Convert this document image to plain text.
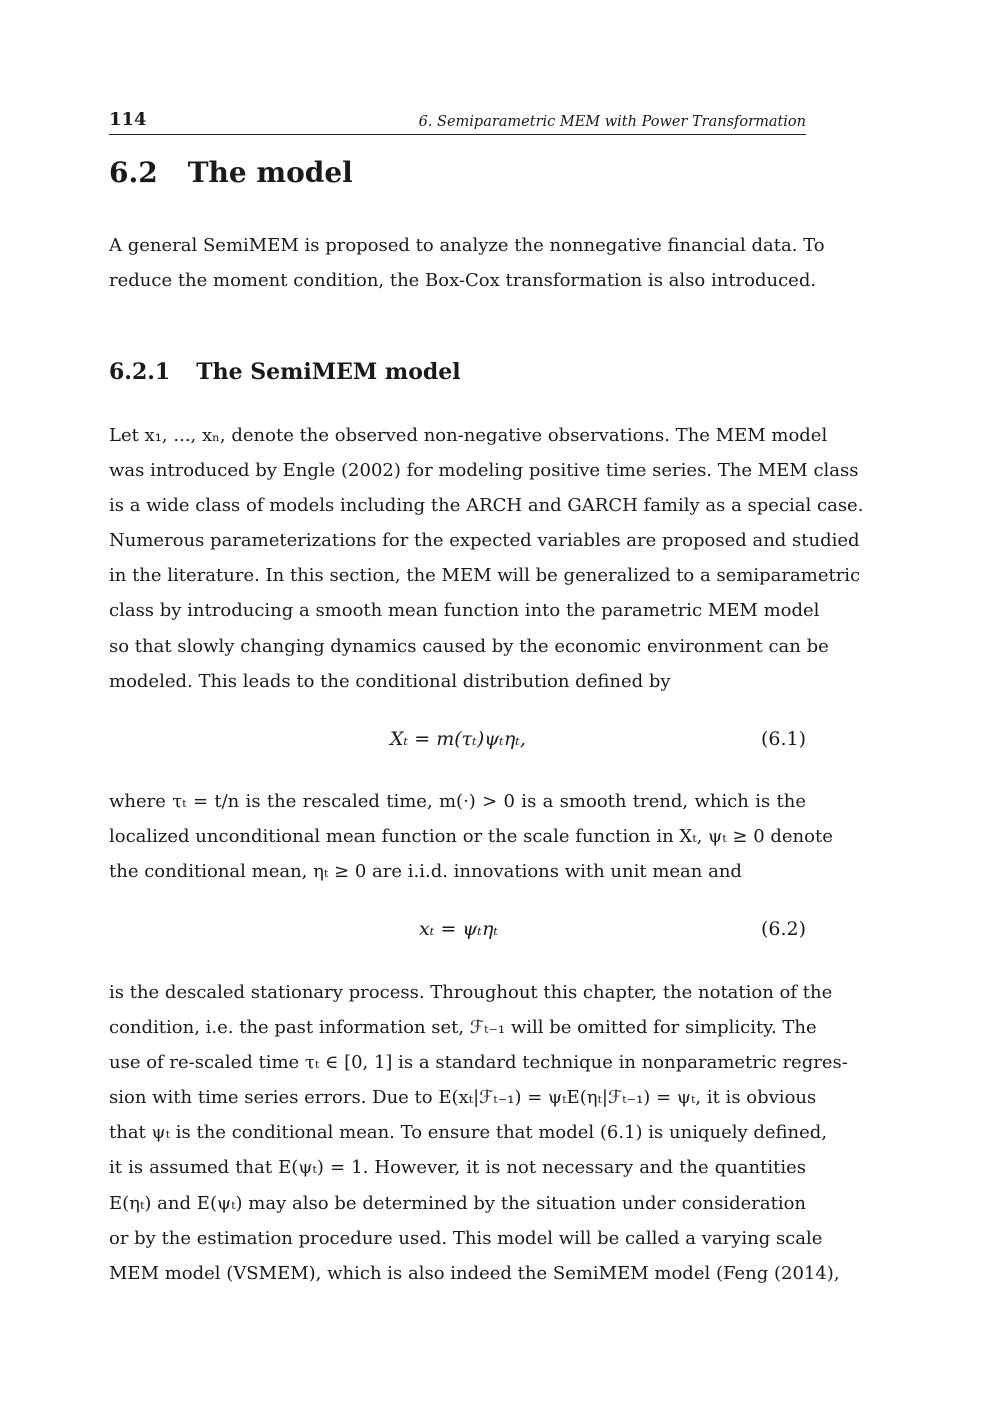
114	6. Semiparametric MEM with Power Transformation
6.2 The model

A general SemiMEM is proposed to analyze the nonnegative financial data. To
reduce the moment condition, the Box-Cox transformation is also introduced.

6.2.1 The SemiMEM model

Let x₁, ..., xₙ, denote the observed non-negative observations. The MEM model
was introduced by Engle (2002) for modeling positive time series. The MEM class
is a wide class of models including the ARCH and GARCH family as a special case.
Numerous parameterizations for the expected variables are proposed and studied
in the literature. In this section, the MEM will be generalized to a semiparametric
class by introducing a smooth mean function into the parametric MEM model
so that slowly changing dynamics caused by the economic environment can be
modeled. This leads to the conditional distribution defined by

Xₜ = m(τₜ)ψₜηₜ,	(6.1)

where τₜ = t/n is the rescaled time, m(·) > 0 is a smooth trend, which is the
localized unconditional mean function or the scale function in Xₜ, ψₜ ≥ 0 denote
the conditional mean, ηₜ ≥ 0 are i.i.d. innovations with unit mean and

xₜ = ψₜηₜ	(6.2)

is the descaled stationary process. Throughout this chapter, the notation of the
condition, i.e. the past information set, ℱₜ₋₁ will be omitted for simplicity. The
use of re-scaled time τₜ ∈ [0, 1] is a standard technique in nonparametric regres-
sion with time series errors. Due to E(xₜ|ℱₜ₋₁) = ψₜE(ηₜ|ℱₜ₋₁) = ψₜ, it is obvious
that ψₜ is the conditional mean. To ensure that model (6.1) is uniquely defined,
it is assumed that E(ψₜ) = 1. However, it is not necessary and the quantities
E(ηₜ) and E(ψₜ) may also be determined by the situation under consideration
or by the estimation procedure used. This model will be called a varying scale
MEM model (VSMEM), which is also indeed the SemiMEM model (Feng (2014),
